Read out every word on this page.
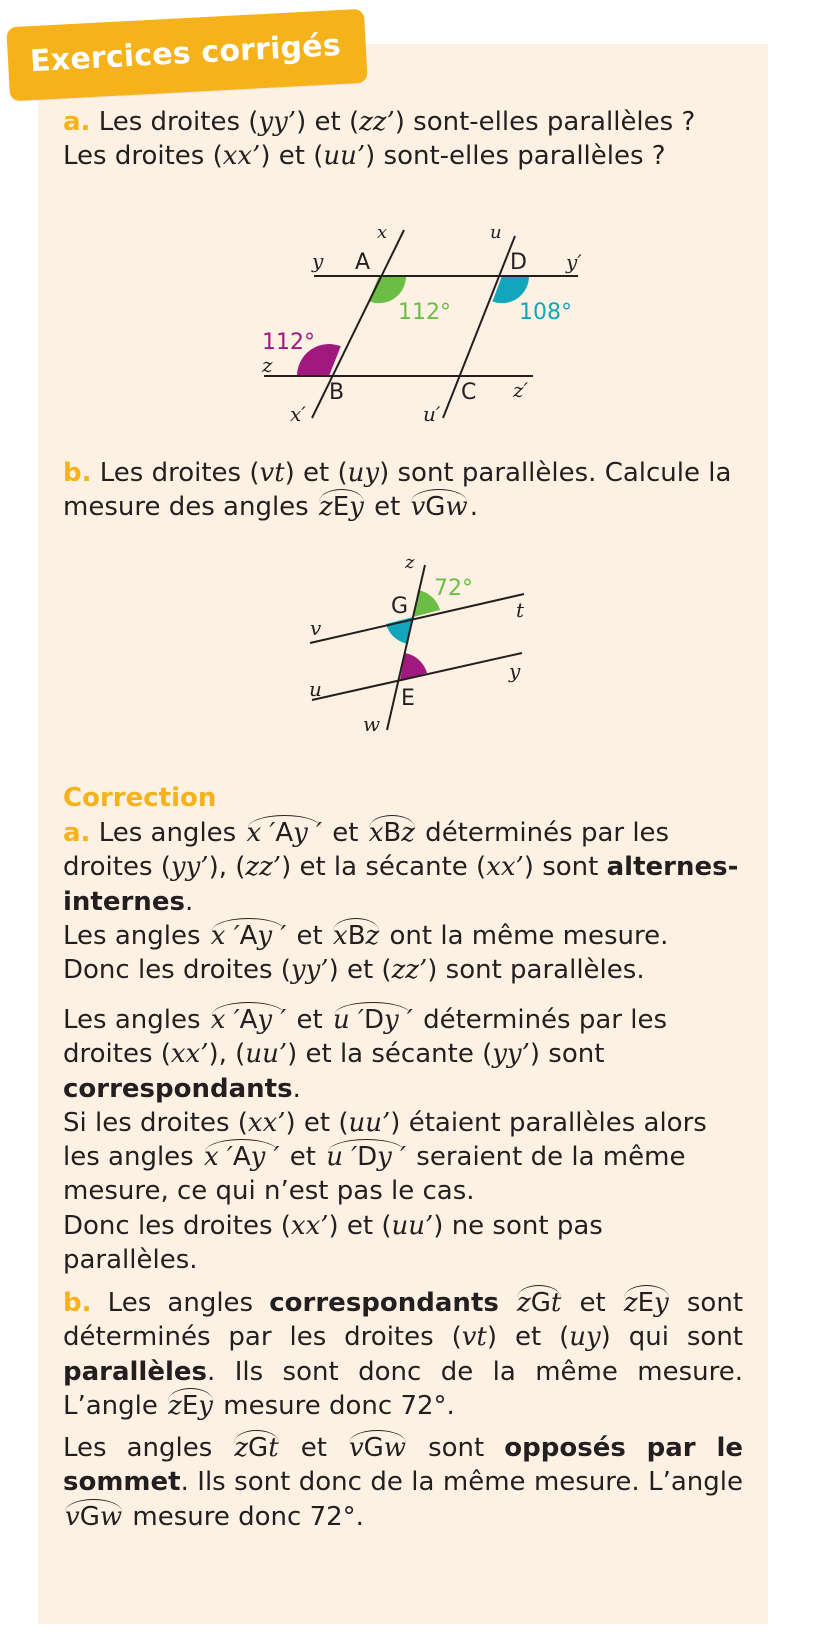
Exercices corrigés
a. Les droites (yy’) et (zz’) sont-elles parallèles ? Les droites (xx’) et (uu’) sont-elles parallèles ?
x	u
y	y′
z
z′
x′	u′
A	D
B	C
112°	108°
112°
b. Les droites (vt) et (uy) sont parallèles. Calcule la mesure des angles zEy et vGw.
z
v
t
u
y
w
G
E
72°
Correction
a. Les angles x ′Ay ′ et xBz déterminés par les droites (yy’), (zz’) et la sécante (xx’) sont alternes-internes.
Les angles x ′Ay ′ et xBz ont la même mesure.
Donc les droites (yy’) et (zz’) sont parallèles.
Les angles x ′Ay ′ et u ′Dy ′ déterminés par les droites (xx’), (uu’) et la sécante (yy’) sont correspondants.
Si les droites (xx’) et (uu’) étaient parallèles alors les angles x ′Ay ′ et u ′Dy ′ seraient de la même mesure, ce qui n’est pas le cas.
Donc les droites (xx’) et (uu’) ne sont pas parallèles.
b. Les angles correspondants zGt et zEy sont déterminés par les droites (vt) et (uy) qui sont parallèles. Ils sont donc de la même mesure. L’angle zEy mesure donc 72°.
Les angles zGt et vGw sont opposés par le sommet. Ils sont donc de la même mesure. L’angle vGw mesure donc 72°.
